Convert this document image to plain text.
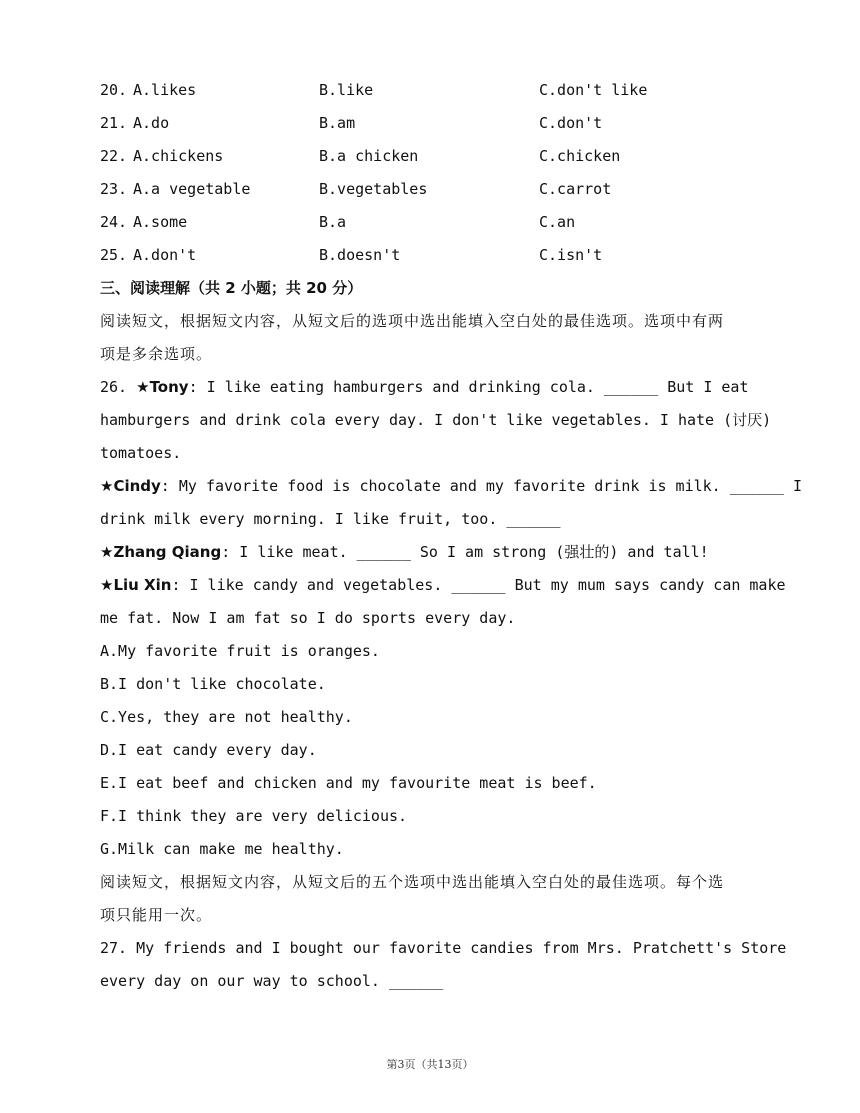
20. A.likes	B.like	C.don't like
21. A.do	B.am	C.don't
22. A.chickens	B.a chicken	C.chicken
23. A.a vegetable	B.vegetables	C.carrot
24. A.some	B.a	C.an
25. A.don't	B.doesn't	C.isn't
三、阅读理解（共 2 小题；共 20 分）
阅读短文，根据短文内容，从短文后的选项中选出能填入空白处的最佳选项。选项中有两
项是多余选项。
26. ★Tony: I like eating hamburgers and drinking cola. ______ But I eat
hamburgers and drink cola every day. I don't like vegetables. I hate (讨厌)
tomatoes.
★Cindy: My favorite food is chocolate and my favorite drink is milk. ______ I
drink milk every morning. I like fruit, too. ______
★Zhang Qiang: I like meat. ______ So I am strong (强壮的) and tall!
★Liu Xin: I like candy and vegetables. ______ But my mum says candy can make
me fat. Now I am fat so I do sports every day.
A.My favorite fruit is oranges.
B.I don't like chocolate.
C.Yes, they are not healthy.
D.I eat candy every day.
E.I eat beef and chicken and my favourite meat is beef.
F.I think they are very delicious.
G.Milk can make me healthy.
阅读短文，根据短文内容，从短文后的五个选项中选出能填入空白处的最佳选项。每个选
项只能用一次。
27. My friends and I bought our favorite candies from Mrs. Pratchett's Store
every day on our way to school. ______
第3页（共13页）
